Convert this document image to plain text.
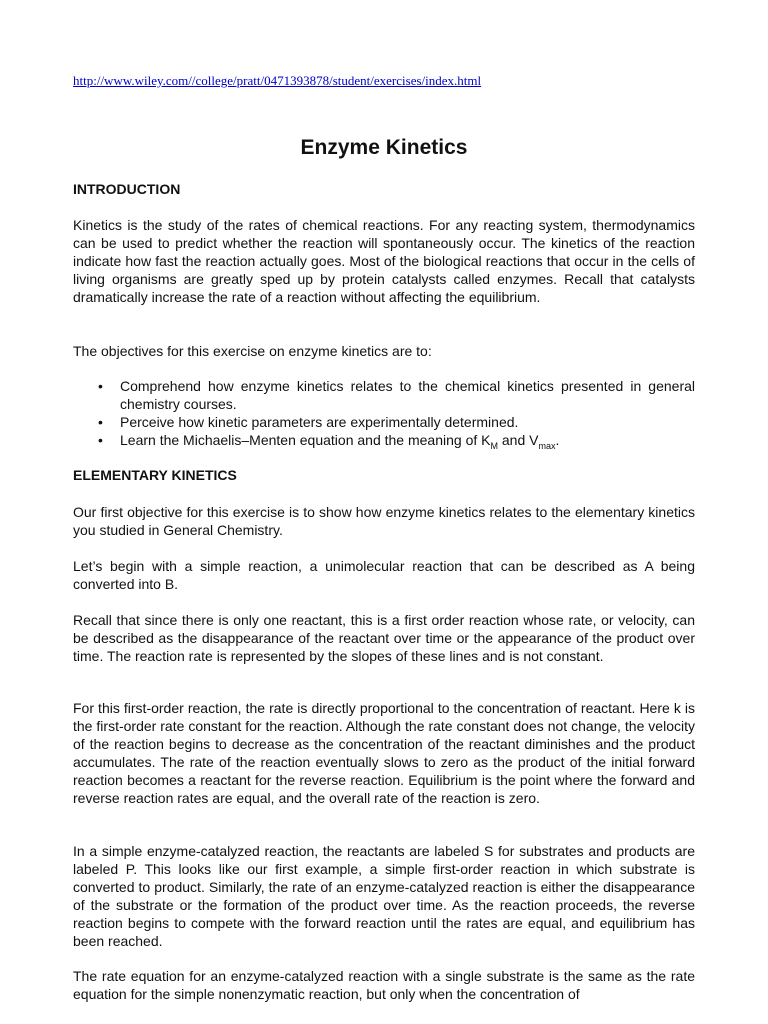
http://www.wiley.com//college/pratt/0471393878/student/exercises/index.html
Enzyme Kinetics
INTRODUCTION

Kinetics is the study of the rates of chemical reactions. For any reacting system, thermodynamics can be used to predict whether the reaction will spontaneously occur. The kinetics of the reaction indicate how fast the reaction actually goes. Most of the biological reactions that occur in the cells of living organisms are greatly sped up by protein catalysts called enzymes. Recall that catalysts dramatically increase the rate of a reaction without affecting the equilibrium.

The objectives for this exercise on enzyme kinetics are to:

• Comprehend how enzyme kinetics relates to the chemical kinetics presented in general chemistry courses.
• Perceive how kinetic parameters are experimentally determined.
• Learn the Michaelis–Menten equation and the meaning of $K_M$ and $V_{max}$.
ELEMENTARY KINETICS

Our first objective for this exercise is to show how enzyme kinetics relates to the elementary kinetics you studied in General Chemistry.

Let’s begin with a simple reaction, a unimolecular reaction that can be described as A being converted into B.

Recall that since there is only one reactant, this is a first order reaction whose rate, or velocity, can be described as the disappearance of the reactant over time or the appearance of the product over time. The reaction rate is represented by the slopes of these lines and is not constant.

For this first-order reaction, the rate is directly proportional to the concentration of reactant. Here k is the first-order rate constant for the reaction. Although the rate constant does not change, the velocity of the reaction begins to decrease as the concentration of the reactant diminishes and the product accumulates. The rate of the reaction eventually slows to zero as the product of the initial forward reaction becomes a reactant for the reverse reaction. Equilibrium is the point where the forward and reverse reaction rates are equal, and the overall rate of the reaction is zero.

In a simple enzyme-catalyzed reaction, the reactants are labeled S for substrates and products are labeled P. This looks like our first example, a simple first-order reaction in which substrate is converted to product. Similarly, the rate of an enzyme-catalyzed reaction is either the disappearance of the substrate or the formation of the product over time. As the reaction proceeds, the reverse reaction begins to compete with the forward reaction until the rates are equal, and equilibrium has been reached.

The rate equation for an enzyme-catalyzed reaction with a single substrate is the same as the rate equation for the simple nonenzymatic reaction, but only when the concentration of
